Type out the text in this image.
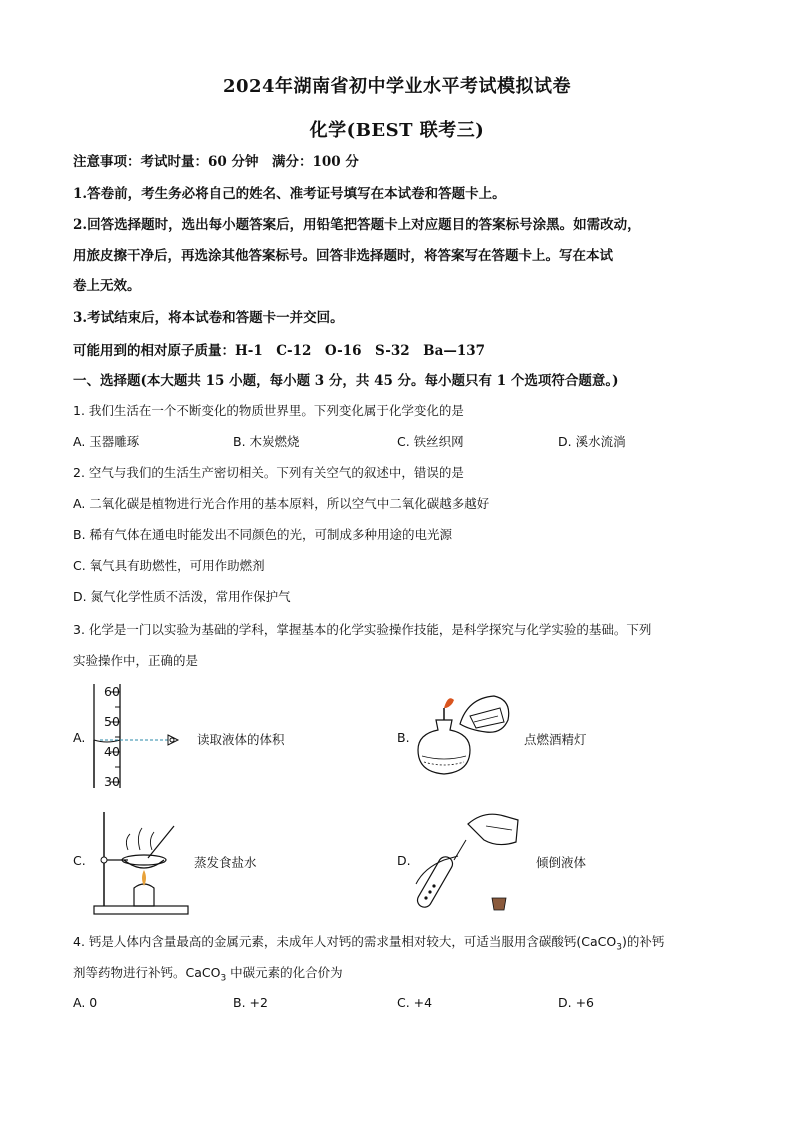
2024年湖南省初中学业水平考试模拟试卷
化学(BEST 联考三)
注意事项：考试时量：60 分钟　满分：100 分
1.答卷前，考生务必将自己的姓名、准考证号填写在本试卷和答题卡上。
2.回答选择题时，选出每小题答案后，用铅笔把答题卡上对应题目的答案标号涂黑。如需改动，
用旅皮擦干净后，再选涂其他答案标号。回答非选择题时，将答案写在答题卡上。写在本试
卷上无效。
3.考试结束后，将本试卷和答题卡一并交回。
可能用到的相对原子质量：H-1　C-12　O-16　S-32　Ba—137
一、选择题(本大题共 15 小题，每小题 3 分，共 45 分。每小题只有 1 个选项符合题意。)
1. 我们生活在一个不断变化的物质世界里。下列变化属于化学变化的是
A. 玉器雕琢	B. 木炭燃烧	C. 铁丝织网	D. 溪水流淌
2. 空气与我们的生活生产密切相关。下列有关空气的叙述中，错误的是
A. 二氧化碳是植物进行光合作用的基本原料，所以空气中二氧化碳越多越好
B. 稀有气体在通电时能发出不同颜色的光，可制成多种用途的电光源
C. 氧气具有助燃性，可用作助燃剂
D. 氮气化学性质不活泼，常用作保护气
3. 化学是一门以实验为基础的学科，掌握基本的化学实验操作技能，是科学探究与化学实验的基础。下列
实验操作中，正确的是
A.
60
50
40
30
读取液体的体积	B.	点燃酒精灯
C.	蒸发食盐水	D.	倾倒液体
4. 钙是人体内含量最高的金属元素，未成年人对钙的需求量相对较大，可适当服用含碳酸钙(CaCO$_3$)的补钙
剂等药物进行补钙。CaCO$_3$ 中碳元素的化合价为
A. 0	B. +2	C. +4	D. +6
